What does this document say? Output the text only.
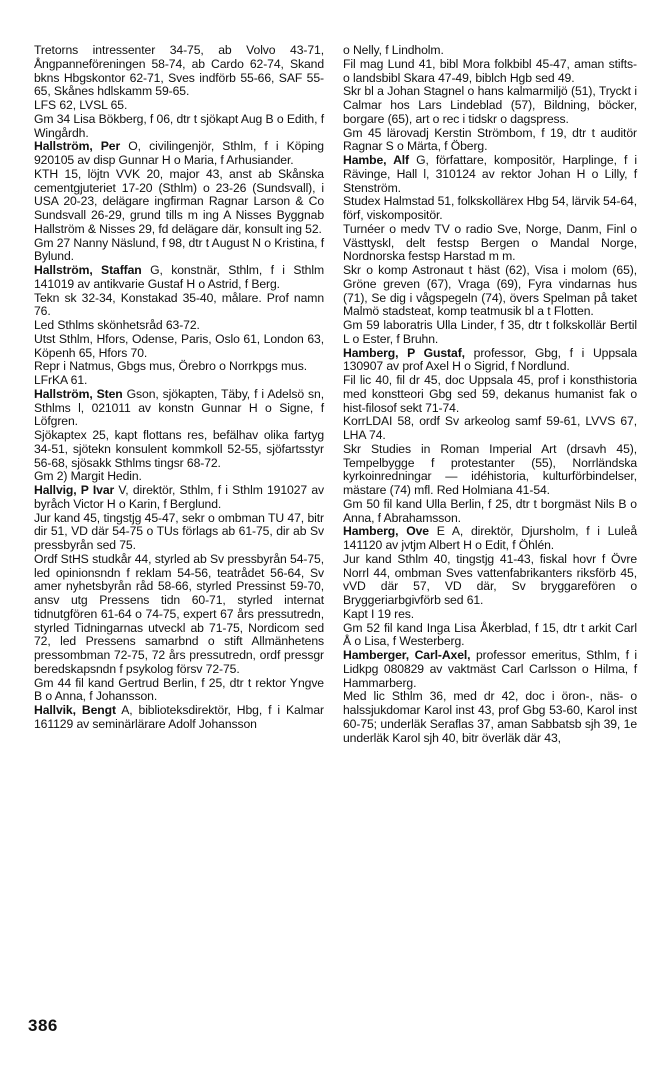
Tretorns intressenter 34-75, ab Volvo 43-71, Ångpanneföreningen 58-74, ab Cardo 62-74, Skand bkns Hbgskontor 62-71, Sves indförb 55-66, SAF 55-65, Skånes hdlskamm 59-65.

LFS 62, LVSL 65.

Gm 34 Lisa Bökberg, f 06, dtr t sjökapt Aug B o Edith, f Wingårdh.

Hallström, Per O, civilingenjör, Sthlm, f i Köping 920105 av disp Gunnar H o Maria, f Arhusiander.

KTH 15, löjtn VVK 20, major 43, anst ab Skånska cementgjuteriet 17-20 (Sthlm) o 23-26 (Sundsvall), i USA 20-23, delägare ingfirman Ragnar Larson & Co Sundsvall 26-29, grund tills m ing A Nisses Byggnab Hallström & Nisses 29, fd delägare där, konsult ing 52.

Gm 27 Nanny Näslund, f 98, dtr t August N o Kristina, f Bylund.

Hallström, Staffan G, konstnär, Sthlm, f i Sthlm 141019 av antikvarie Gustaf H o Astrid, f Berg.

Tekn sk 32-34, Konstakad 35-40, målare. Prof namn 76.

Led Sthlms skönhetsråd 63-72.

Utst Sthlm, Hfors, Odense, Paris, Oslo 61, London 63, Köpenh 65, Hfors 70.

Repr i Natmus, Gbgs mus, Örebro o Norrkpgs mus.

LFrKA 61.

Hallström, Sten Gson, sjökapten, Täby, f i Adelsö sn, Sthlms l, 021011 av konstn Gunnar H o Signe, f Löfgren.

Sjökaptex 25, kapt flottans res, befälhav olika fartyg 34-51, sjötekn konsulent kommkoll 52-55, sjöfartsstyr 56-68, sjösakk Sthlms tingsr 68-72.

Gm 2) Margit Hedin.

Hallvig, P Ivar V, direktör, Sthlm, f i Sthlm 191027 av byråch Victor H o Karin, f Berglund.

Jur kand 45, tingstjg 45-47, sekr o ombman TU 47, bitr dir 51, VD där 54-75 o TUs förlags ab 61-75, dir ab Sv pressbyrån sed 75.

Ordf StHS studkår 44, styrled ab Sv pressbyrån 54-75, led opinionsndn f reklam 54-56, teatrådet 56-64, Sv amer nyhetsbyrån råd 58-66, styrled Pressinst 59-70, ansv utg Pressens tidn 60-71, styrled internat tidnutgfören 61-64 o 74-75, expert 67 års pressutredn, styrled Tidningarnas utveckl ab 71-75, Nordicom sed 72, led Pressens samarbnd o stift Allmänhetens pressombman 72-75, 72 års pressutredn, ordf pressgr beredskapsndn f psykolog försv 72-75.

Gm 44 fil kand Gertrud Berlin, f 25, dtr t rektor Yngve B o Anna, f Johansson.

Hallvik, Bengt A, biblioteksdirektör, Hbg, f i Kalmar 161129 av seminärlärare Adolf Johansson

o Nelly, f Lindholm.

Fil mag Lund 41, bibl Mora folkbibl 45-47, aman stifts- o landsbibl Skara 47-49, biblch Hgb sed 49.

Skr bl a Johan Stagnel o hans kalmarmiljö (51), Tryckt i Calmar hos Lars Lindeblad (57), Bildning, böcker, borgare (65), art o rec i tidskr o dagspress.

Gm 45 lärovadj Kerstin Strömbom, f 19, dtr t auditör Ragnar S o Märta, f Öberg.

Hambe, Alf G, författare, kompositör, Harplinge, f i Rävinge, Hall l, 310124 av rektor Johan H o Lilly, f Stenström.

Studex Halmstad 51, folkskollärex Hbg 54, lärvik 54-64, förf, viskompositör.

Turnéer o medv TV o radio Sve, Norge, Danm, Finl o Västtyskl, delt festsp Bergen o Mandal Norge, Nordnorska festsp Harstad m m.

Skr o komp Astronaut t häst (62), Visa i molom (65), Gröne greven (67), Vraga (69), Fyra vindarnas hus (71), Se dig i vågspegeln (74), övers Spelman på taket Malmö stadsteat, komp teatmusik bl a t Flotten.

Gm 59 laboratris Ulla Linder, f 35, dtr t folkskollär Bertil L o Ester, f Bruhn.

Hamberg, P Gustaf, professor, Gbg, f i Uppsala 130907 av prof Axel H o Sigrid, f Nordlund.

Fil lic 40, fil dr 45, doc Uppsala 45, prof i konsthistoria med konstteori Gbg sed 59, dekanus humanist fak o hist-filosof sekt 71-74.

KorrLDAI 58, ordf Sv arkeolog samf 59-61, LVVS 67, LHA 74.

Skr Studies in Roman Imperial Art (drsavh 45), Tempelbygge f protestanter (55), Norrländska kyrkoinredningar — idéhistoria, kulturförbindelser, mästare (74) mfl. Red Holmiana 41-54.

Gm 50 fil kand Ulla Berlin, f 25, dtr t borgmäst Nils B o Anna, f Abrahamsson.

Hamberg, Ove E A, direktör, Djursholm, f i Luleå 141120 av jvtjm Albert H o Edit, f Öhlén.

Jur kand Sthlm 40, tingstjg 41-43, fiskal hovr f Övre Norrl 44, ombman Sves vattenfabrikanters riksförb 45, vVD där 57, VD där, Sv bryggarefören o Bryggeriarbgivförb sed 61.

Kapt I 19 res.

Gm 52 fil kand Inga Lisa Åkerblad, f 15, dtr t arkit Carl Å o Lisa, f Westerberg.

Hamberger, Carl-Axel, professor emeritus, Sthlm, f i Lidkpg 080829 av vaktmäst Carl Carlsson o Hilma, f Hammarberg.

Med lic Sthlm 36, med dr 42, doc i öron-, näs- o halssjukdomar Karol inst 43, prof Gbg 53-60, Karol inst 60-75; underläk Seraflas 37, aman Sabbatsb sjh 39, 1e underläk Karol sjh 40, bitr överläk där 43,

386
